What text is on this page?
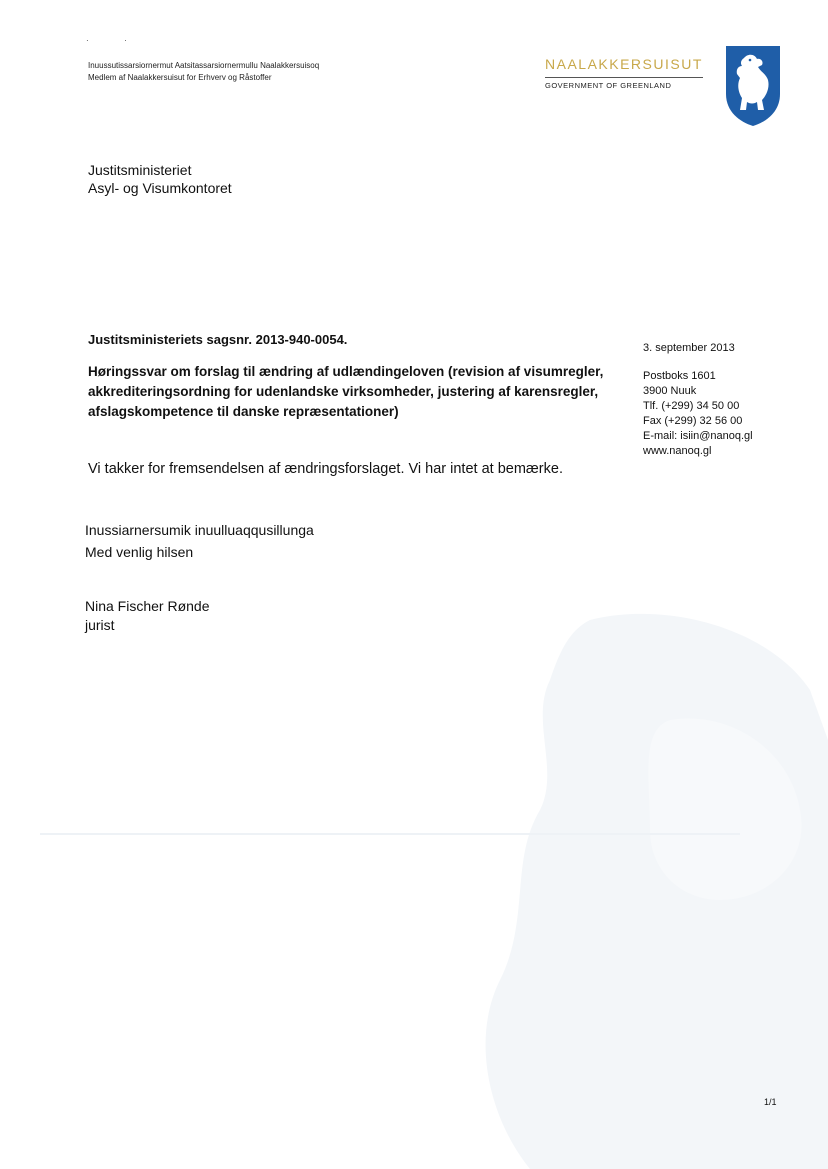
·                ·
Inuussutissarsiornermut Aatsitassarsiornermullu Naalakkersuisoq
Medlem af Naalakkersuisut for Erhverv og Råstoffer
NAALAKKERSUISUT
GOVERNMENT OF GREENLAND
Justitsministeriet
Asyl- og Visumkontoret
Justitsministeriets sagsnr. 2013-940-0054.
3. september 2013
Høringssvar om forslag til ændring af udlændingeloven (revision af visumregler,
akkrediteringsordning for udenlandske virksomheder, justering af karensregler,
afslagskompetence til danske repræsentationer)
Postboks 1601
3900 Nuuk
Tlf. (+299) 34 50 00
Fax (+299) 32 56 00
E-mail: isiin@nanoq.gl
www.nanoq.gl
Vi takker for fremsendelsen af ændringsforslaget. Vi har intet at bemærke.
Inussiarnersumik inuulluaqqusillunga
Med venlig hilsen
Nina Fischer Rønde
jurist
1/1
